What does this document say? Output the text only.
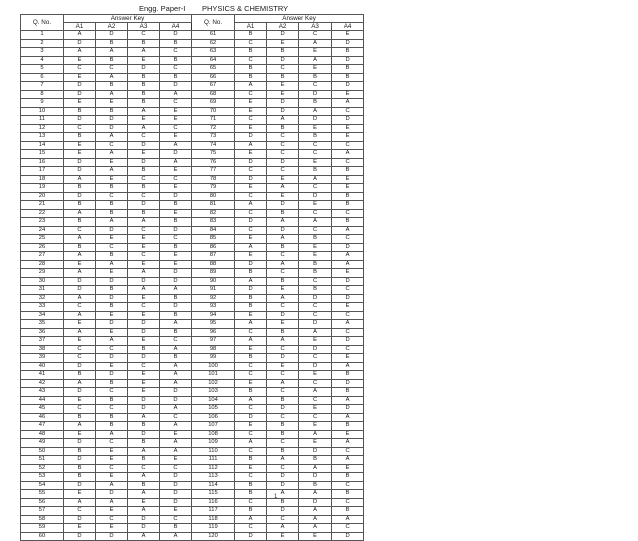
Engg. Paper-I PHYSICS & CHEMISTRY
Q. No.	Answer Key				Q. No.	Answer Key			
	A1	A2	A3	A4		A1	A2	A3	A4
1	A	D	C	D	61	B	D	C	E
2	D	B	B	B	62	C	E	A	D
3	A	A	A	C	63	B	B	E	B
4	E	B	E	B	64	C	D	A	D
5	C	C	D	C	65	B	C	E	B
6	E	A	B	B	66	B	B	B	B
7	D	B	B	D	67	A	E	C	D
8	D	A	B	A	68	C	E	D	E
9	E	E	B	C	69	E	D	B	A
10	B	B	A	E	70	E	D	A	C
11	D	D	E	E	71	C	A	D	D
12	C	D	A	C	72	E	B	E	E
13	B	A	C	E	73	D	C	B	E
14	E	C	D	A	74	A	C	C	C
15	E	A	E	D	75	E	C	C	A
16	D	E	D	A	76	D	D	E	C
17	D	A	B	E	77	C	C	B	B
18	A	E	C	C	78	D	E	A	E
19	B	B	B	E	79	E	A	C	E
20	D	C	C	D	80	C	E	D	B
21	B	B	D	B	81	A	D	E	B
22	A	B	B	E	82	C	B	C	C
23	B	A	A	B	83	D	A	A	B
24	C	D	C	D	84	C	D	C	A
25	A	E	E	C	85	E	A	B	C
26	B	C	E	B	86	A	B	E	D
27	A	B	C	E	87	E	C	E	A
28	E	A	E	E	88	D	A	B	A
29	A	E	A	D	89	B	C	B	E
30	D	D	D	D	90	A	B	C	D
31	D	B	A	A	91	D	E	B	C
32	A	D	E	B	92	B	A	D	D
33	C	B	C	D	93	B	C	C	E
34	A	E	E	B	94	E	D	C	C
35	E	D	D	A	95	A	E	D	A
36	A	E	D	B	96	C	B	A	C
37	E	A	E	C	97	A	A	E	D
38	C	C	B	A	98	E	C	D	C
39	C	D	D	B	99	B	D	C	E
40	D	E	C	A	100	C	E	D	A
41	B	D	E	A	101	C	C	E	B
42	A	B	E	A	102	E	A	C	D
43	D	C	E	D	103	B	C	A	B
44	E	B	D	D	104	A	B	C	A
45	C	C	D	A	105	C	D	E	D
46	B	B	A	C	106	D	C	C	A
47	A	B	B	A	107	E	B	E	B
48	E	A	D	E	108	C	B	A	E
49	D	C	B	A	109	A	C	E	A
50	B	E	A	A	110	C	B	D	C
51	D	E	B	E	111	B	A	B	A
52	B	C	C	C	112	E	C	A	E
53	B	E	A	D	113	C	D	D	B
54	D	A	B	D	114	B	D	B	C
55	E	D	A	D	115	B	A	A	B
56	A	A	E	D	116	C	B	D	C
57	C	E	A	E	117	B	D	A	B
58	D	C	D	C	118	A	C	A	A
59	E	E	D	B	119	C	A	A	C
60	D	D	A	A	120	D	E	E	D
1
